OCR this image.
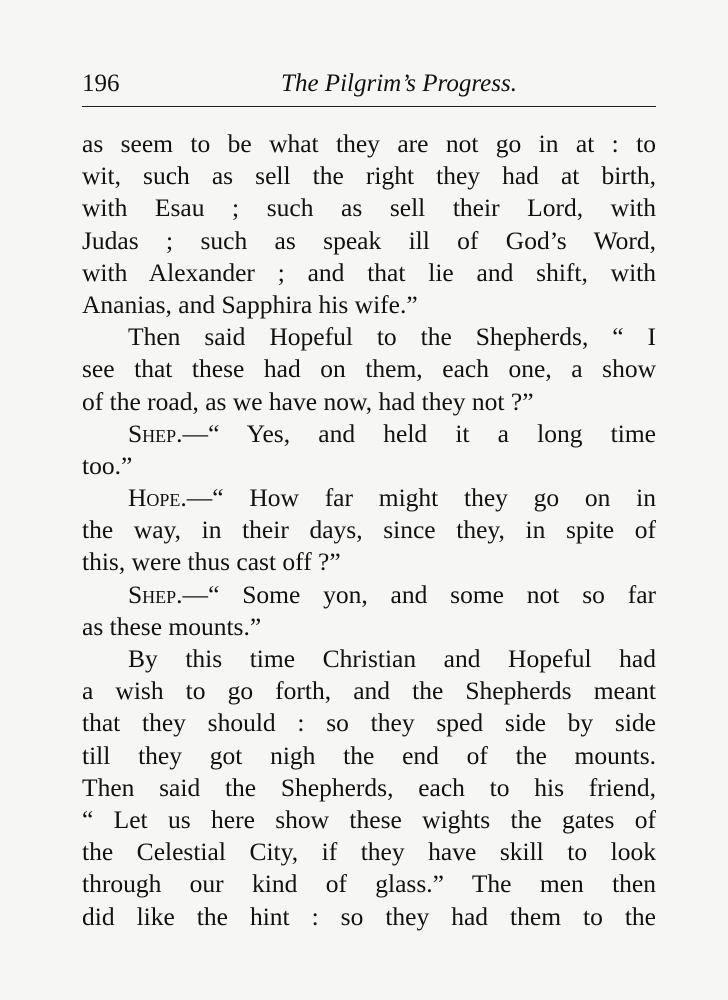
196	The Pilgrim’s Progress.
as seem to be what they are not go in at : to
wit, such as sell the right they had at birth,
with Esau ; such as sell their Lord, with
Judas ; such as speak ill of God’s Word,
with Alexander ; and that lie and shift, with
Ananias, and Sapphira his wife.”
Then said Hopeful to the Shepherds, “ I
see that these had on them, each one, a show
of the road, as we have now, had they not ?”
Shep.—“ Yes, and held it a long time
too.”
Hope.—“ How far might they go on in
the way, in their days, since they, in spite of
this, were thus cast off ?”
Shep.—“ Some yon, and some not so far
as these mounts.”
By this time Christian and Hopeful had
a wish to go forth, and the Shepherds meant
that they should : so they sped side by side
till they got nigh the end of the mounts.
Then said the Shepherds, each to his friend,
“ Let us here show these wights the gates of
the Celestial City, if they have skill to look
through our kind of glass.” The men then
did like the hint : so they had them to the
